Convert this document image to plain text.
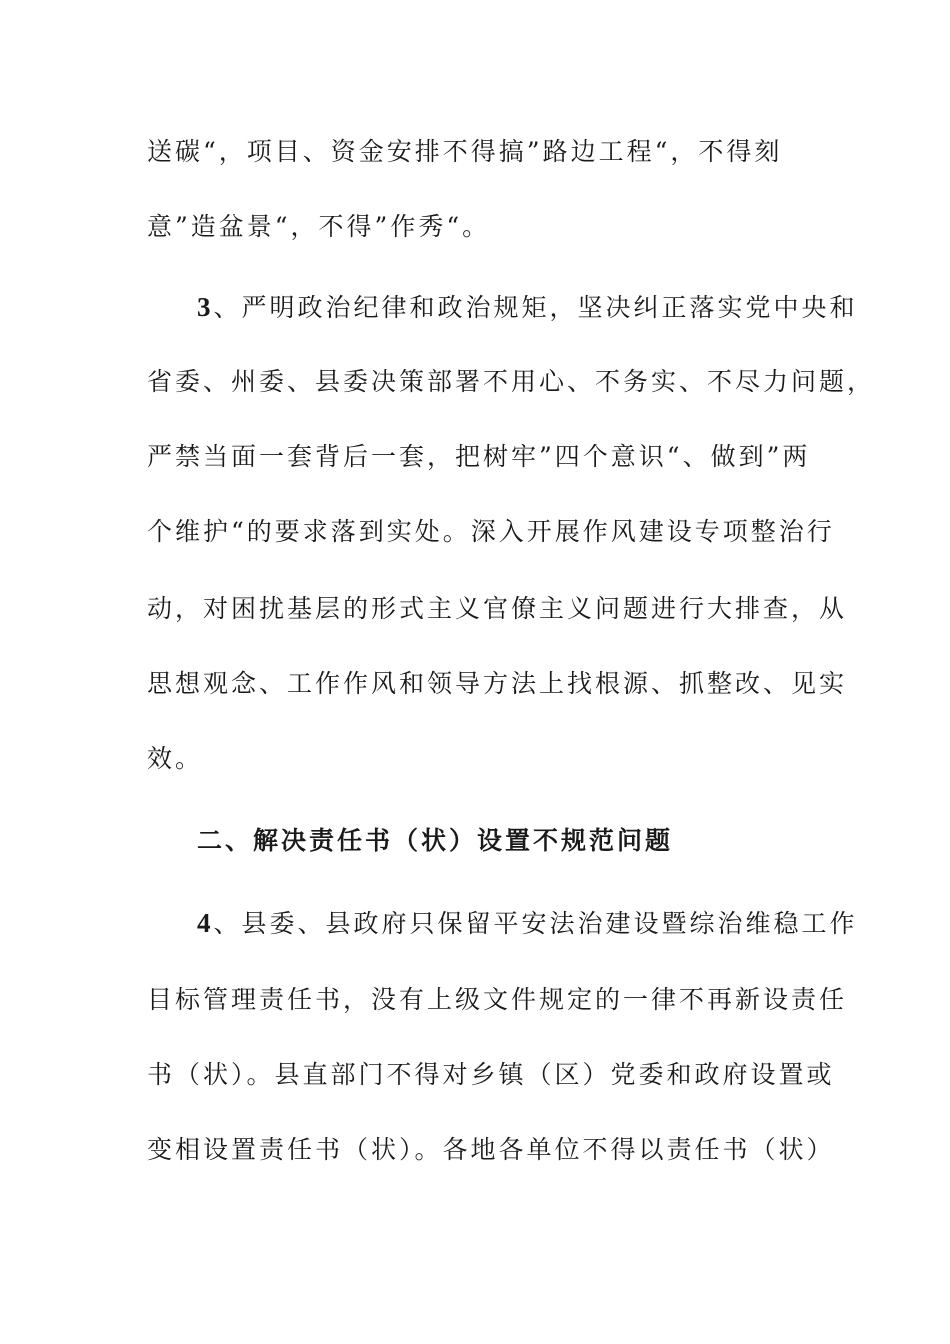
送碳“，项目、资金安排不得搞”路边工程“，不得刻
意”造盆景“，不得”作秀“。
3、严明政治纪律和政治规矩，坚决纠正落实党中央和
省委、州委、县委决策部署不用心、不务实、不尽力问题，
严禁当面一套背后一套，把树牢”四个意识“、做到”两
个维护“的要求落到实处。深入开展作风建设专项整治行
动，对困扰基层的形式主义官僚主义问题进行大排查，从
思想观念、工作作风和领导方法上找根源、抓整改、见实
效。
二、解决责任书（状）设置不规范问题
4、县委、县政府只保留平安法治建设暨综治维稳工作
目标管理责任书，没有上级文件规定的一律不再新设责任
书（状）。县直部门不得对乡镇（区）党委和政府设置或
变相设置责任书（状）。各地各单位不得以责任书（状）
